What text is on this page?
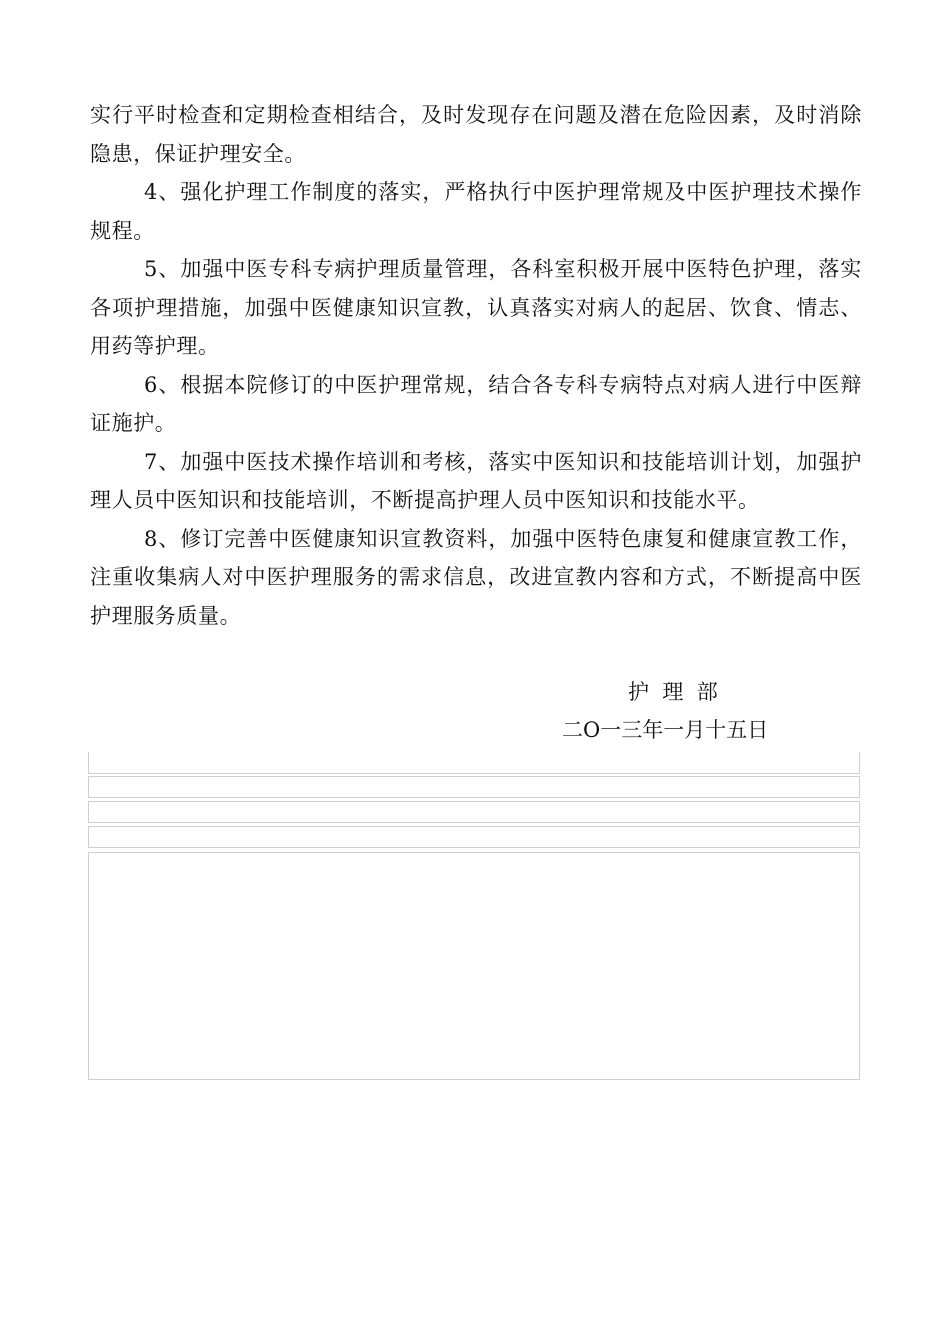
实行平时检查和定期检查相结合，及时发现存在问题及潜在危险因素，及时消除隐患，保证护理安全。

4、强化护理工作制度的落实，严格执行中医护理常规及中医护理技术操作规程。

5、加强中医专科专病护理质量管理，各科室积极开展中医特色护理，落实各项护理措施，加强中医健康知识宣教，认真落实对病人的起居、饮食、情志、用药等护理。

6、根据本院修订的中医护理常规，结合各专科专病特点对病人进行中医辩证施护。

7、加强中医技术操作培训和考核，落实中医知识和技能培训计划，加强护理人员中医知识和技能培训，不断提高护理人员中医知识和技能水平。

8、修订完善中医健康知识宣教资料，加强中医特色康复和健康宣教工作，注重收集病人对中医护理服务的需求信息，改进宣教内容和方式，不断提高中医护理服务质量。

护  理  部
二O一三年一月十五日
